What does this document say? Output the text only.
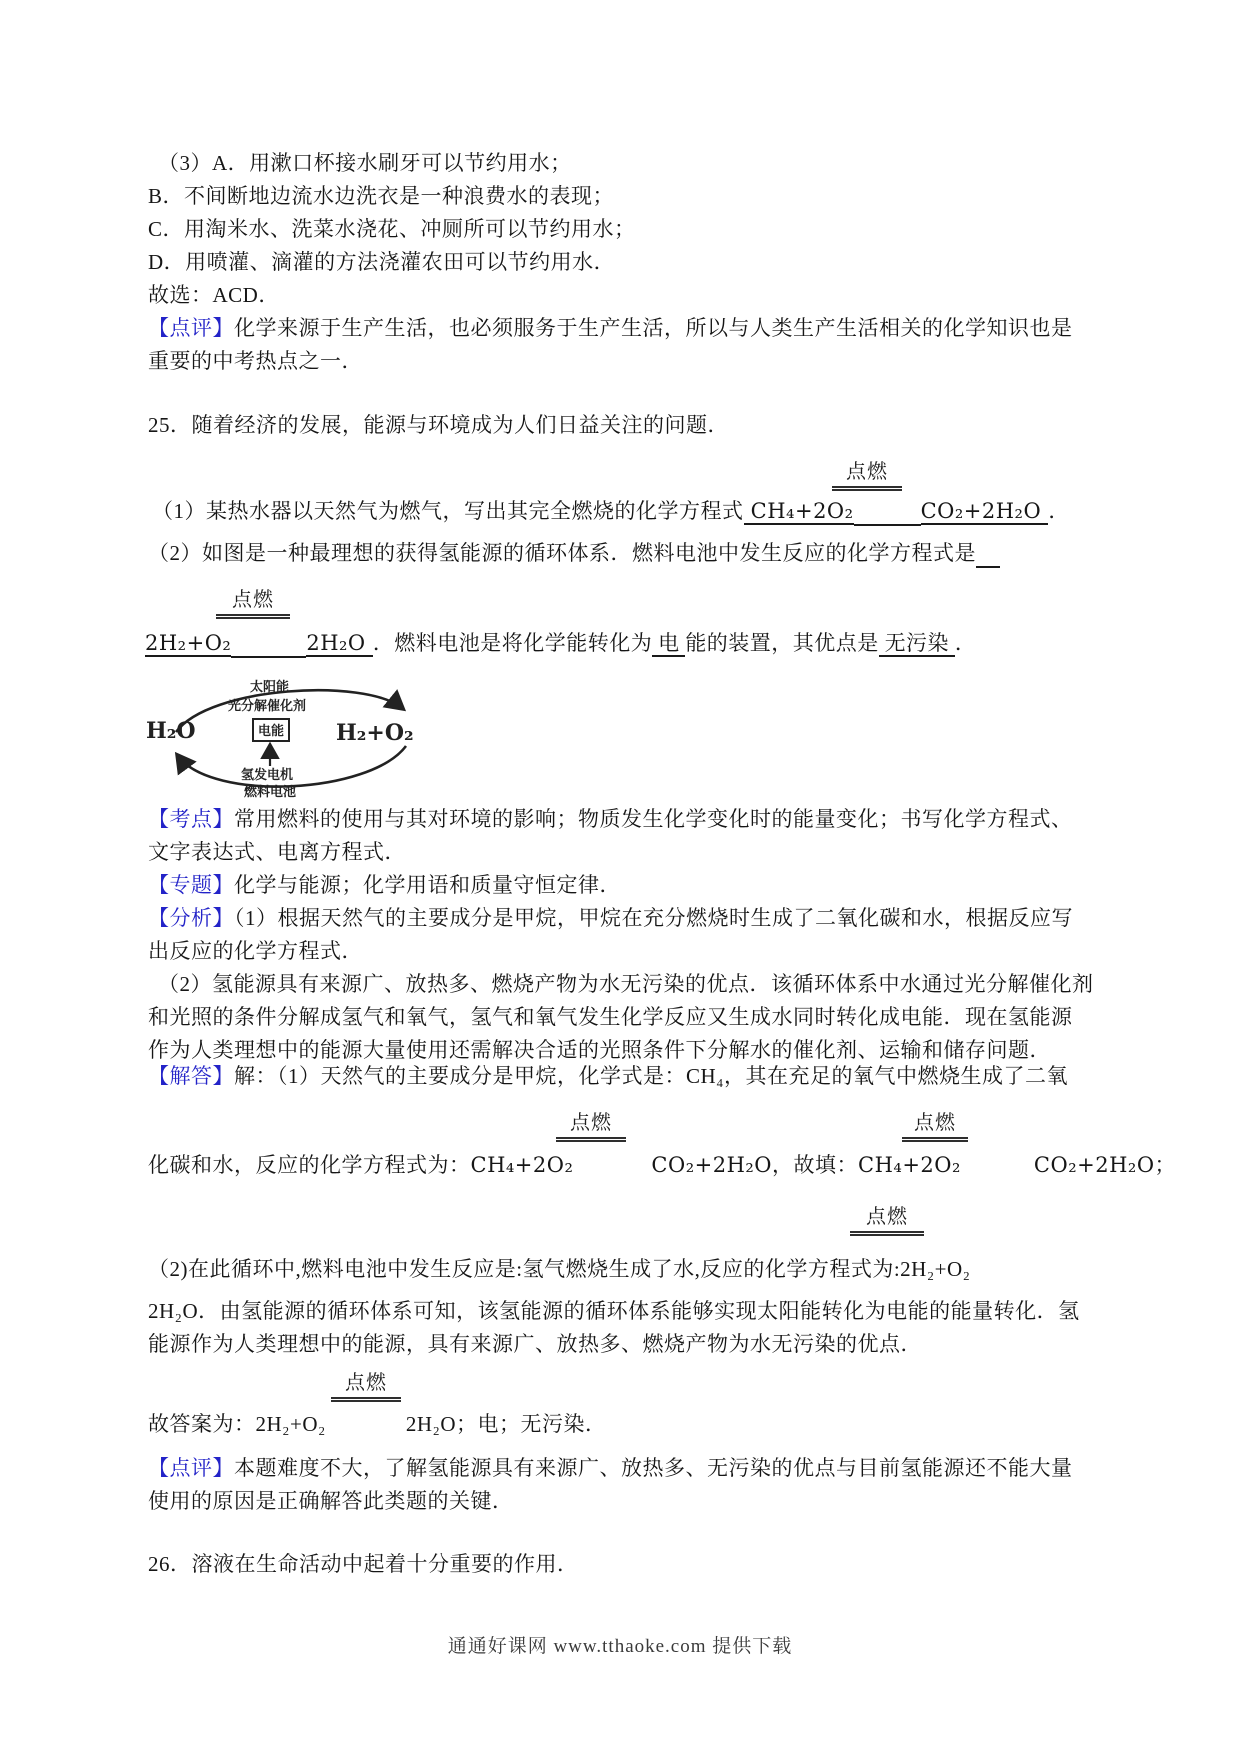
（3）A．用漱口杯接水刷牙可以节约用水；
B．不间断地边流水边洗衣是一种浪费水的表现；
C．用淘米水、洗菜水浇花、冲厕所可以节约用水；
D．用喷灌、滴灌的方法浇灌农田可以节约用水．
故选：ACD．
【点评】化学来源于生产生活，也必须服务于生产生活，所以与人类生产生活相关的化学知识也是
重要的中考热点之一．
25．随着经济的发展，能源与环境成为人们日益关注的问题．
点燃
（1）某热水器以天然气为燃气，写出其完全燃烧的化学方程式 CH₄+2O₂	CO₂+2H₂O ．
（2）如图是一种最理想的获得氢能源的循环体系．燃料电池中发生反应的化学方程式是
点燃
2H₂+O₂	2H₂O ．燃料电池是将化学能转化为 电 能的装置，其优点是 无污染 ．
太阳能
光分解催化剂
电能
H₂O	H₂+O₂
氢发电机
燃料电池
【考点】常用燃料的使用与其对环境的影响；物质发生化学变化时的能量变化；书写化学方程式、
文字表达式、电离方程式．
【专题】化学与能源；化学用语和质量守恒定律．
【分析】（1）根据天然气的主要成分是甲烷，甲烷在充分燃烧时生成了二氧化碳和水，根据反应写
出反应的化学方程式．
（2）氢能源具有来源广、放热多、燃烧产物为水无污染的优点．该循环体系中水通过光分解催化剂
和光照的条件分解成氢气和氧气，氢气和氧气发生化学反应又生成水同时转化成电能．现在氢能源
作为人类理想中的能源大量使用还需解决合适的光照条件下分解水的催化剂、运输和储存问题．
【解答】解：（1）天然气的主要成分是甲烷，化学式是：CH₄，其在充足的氧气中燃烧生成了二氧
点燃	点燃
化碳和水，反应的化学方程式为：CH₄+2O₂	CO₂+2H₂O，故填：CH₄+2O₂	CO₂+2H₂O；
点燃
（2)在此循环中,燃料电池中发生反应是:氢气燃烧生成了水,反应的化学方程式为:2H₂+O₂
2H₂O．由氢能源的循环体系可知，该氢能源的循环体系能够实现太阳能转化为电能的能量转化．氢
能源作为人类理想中的能源，具有来源广、放热多、燃烧产物为水无污染的优点．
点燃
故答案为：2H₂+O₂	2H₂O；电；无污染．
【点评】本题难度不大，了解氢能源具有来源广、放热多、无污染的优点与目前氢能源还不能大量
使用的原因是正确解答此类题的关键．
26．溶液在生命活动中起着十分重要的作用．
通通好课网 www.tthaoke.com 提供下载
